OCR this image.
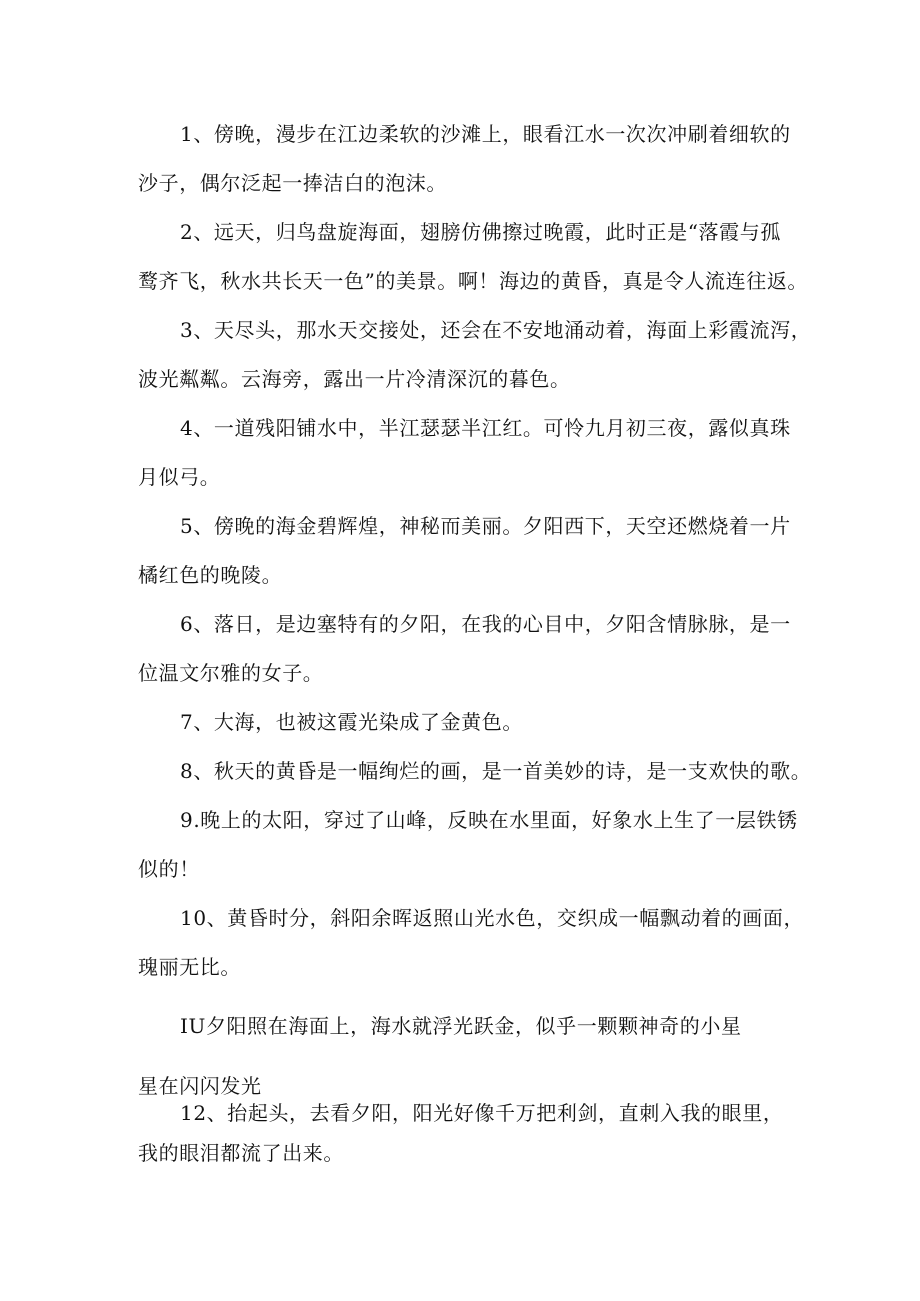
1、傍晚，漫步在江边柔软的沙滩上，眼看江水一次次冲刷着细软的
沙子，偶尔泛起一捧洁白的泡沫。
2、远天，归鸟盘旋海面，翅膀仿佛擦过晚霞，此时正是“落霞与孤
鹜齐飞，秋水共长天一色”的美景。啊！海边的黄昏，真是令人流连往返。
3、天尽头，那水天交接处，还会在不安地涌动着，海面上彩霞流泻，
波光粼粼。云海旁，露出一片冷清深沉的暮色。
4、一道残阳铺水中，半江瑟瑟半江红。可怜九月初三夜，露似真珠
月似弓。
5、傍晚的海金碧辉煌，神秘而美丽。夕阳西下，天空还燃烧着一片
橘红色的晚陵。
6、落日，是边塞特有的夕阳，在我的心目中，夕阳含情脉脉，是一
位温文尔雅的女子。
7、大海，也被这霞光染成了金黄色。
8、秋天的黄昏是一幅绚烂的画，是一首美妙的诗，是一支欢快的歌。
9.晚上的太阳，穿过了山峰，反映在水里面，好象水上生了一层铁锈
似的！
10、黄昏时分，斜阳余晖返照山光水色，交织成一幅飘动着的画面，
瑰丽无比。
IU夕阳照在海面上，海水就浮光跃金，似乎一颗颗神奇的小星
星在闪闪发光
12、抬起头，去看夕阳，阳光好像千万把利剑，直刺入我的眼里，
我的眼泪都流了出来。
